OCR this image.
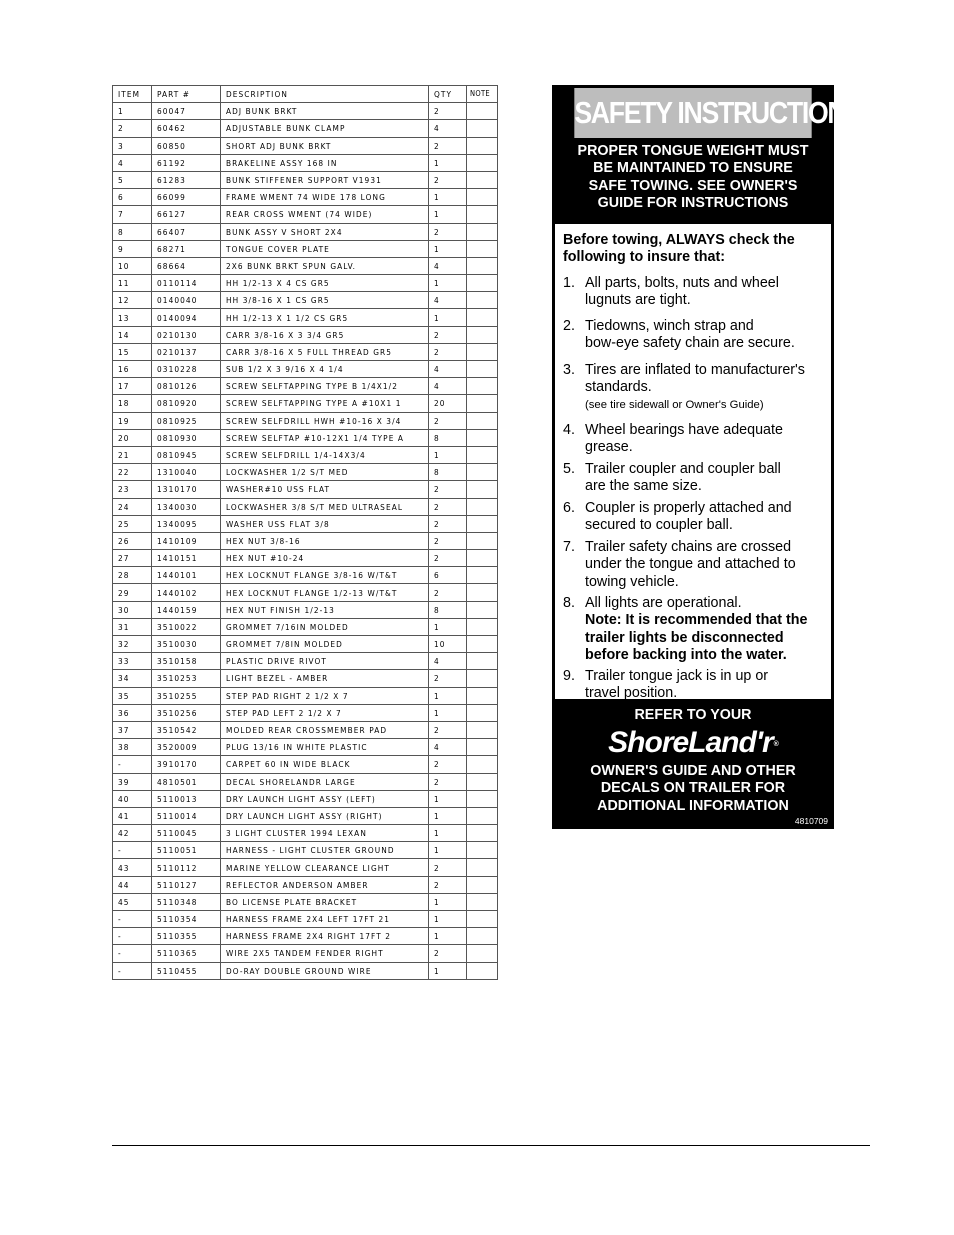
ITEM	PART #	DESCRIPTION	QTY	NOTE
1	60047	ADJ BUNK BRKT	2	
2	60462	ADJUSTABLE BUNK CLAMP	4	
3	60850	SHORT ADJ BUNK BRKT	2	
4	61192	BRAKELINE ASSY 168 IN	1	
5	61283	BUNK STIFFENER SUPPORT V1931	2	
6	66099	FRAME WMENT 74 WIDE 178 LONG	1	
7	66127	REAR CROSS WMENT (74 WIDE)	1	
8	66407	BUNK ASSY V SHORT 2X4	2	
9	68271	TONGUE COVER PLATE	1	
10	68664	2X6 BUNK BRKT SPUN GALV.	4	
11	0110114	HH 1/2-13 X 4 CS GR5	1	
12	0140040	HH 3/8-16 X 1 CS GR5	4	
13	0140094	HH 1/2-13 X 1 1/2 CS GR5	1	
14	0210130	CARR 3/8-16 X 3 3/4 GR5	2	
15	0210137	CARR 3/8-16 X 5 FULL THREAD GR5	2	
16	0310228	SUB 1/2 X 3 9/16 X 4 1/4	4	
17	0810126	SCREW SELFTAPPING TYPE B 1/4X1/2	4	
18	0810920	SCREW SELFTAPPING TYPE A #10X1 1	20	
19	0810925	SCREW SELFDRILL HWH #10-16 X 3/4	2	
20	0810930	SCREW SELFTAP #10-12X1 1/4 TYPE A	8	
21	0810945	SCREW SELFDRILL 1/4-14X3/4	1	
22	1310040	LOCKWASHER 1/2 S/T MED	8	
23	1310170	WASHER#10 USS FLAT	2	
24	1340030	LOCKWASHER 3/8 S/T MED ULTRASEAL	2	
25	1340095	WASHER USS FLAT 3/8	2	
26	1410109	HEX NUT 3/8-16	2	
27	1410151	HEX NUT #10-24	2	
28	1440101	HEX LOCKNUT FLANGE 3/8-16 W/T&T	6	
29	1440102	HEX LOCKNUT FLANGE 1/2-13 W/T&T	2	
30	1440159	HEX NUT FINISH 1/2-13	8	
31	3510022	GROMMET 7/16IN MOLDED	1	
32	3510030	GROMMET 7/8IN MOLDED	10	
33	3510158	PLASTIC DRIVE RIVOT	4	
34	3510253	LIGHT BEZEL - AMBER	2	
35	3510255	STEP PAD RIGHT 2 1/2 X 7	1	
36	3510256	STEP PAD LEFT 2 1/2 X 7	1	
37	3510542	MOLDED REAR CROSSMEMBER PAD	2	
38	3520009	PLUG 13/16 IN WHITE PLASTIC	4	
-	3910170	CARPET 60 IN WIDE BLACK	2	
39	4810501	DECAL SHORELANDR LARGE	2	
40	5110013	DRY LAUNCH LIGHT ASSY (LEFT)	1	
41	5110014	DRY LAUNCH LIGHT ASSY (RIGHT)	1	
42	5110045	3 LIGHT CLUSTER 1994 LEXAN	1	
-	5110051	HARNESS - LIGHT CLUSTER GROUND	1	
43	5110112	MARINE YELLOW CLEARANCE LIGHT	2	
44	5110127	REFLECTOR ANDERSON AMBER	2	
45	5110348	BO LICENSE PLATE BRACKET	1	
-	5110354	HARNESS FRAME 2X4 LEFT 17FT 21	1	
-	5110355	HARNESS FRAME 2X4 RIGHT 17FT 2	1	
-	5110365	WIRE 2X5 TANDEM FENDER RIGHT	2	
-	5110455	DO-RAY DOUBLE GROUND WIRE	1	
SAFETY INSTRUCTIONS
PROPER TONGUE WEIGHT MUST
BE MAINTAINED TO ENSURE
SAFE TOWING. SEE OWNER'S
GUIDE FOR INSTRUCTIONS
Before towing, ALWAYS check the
following to insure that:
1. All parts, bolts, nuts and wheel
lugnuts are tight.
2. Tiedowns, winch strap and
bow-eye safety chain are secure.
3. Tires are inflated to manufacturer's
standards.
(see tire sidewall or Owner's Guide)
4. Wheel bearings have adequate
grease.
5. Trailer coupler and coupler ball
are the same size.
6. Coupler is properly attached and
secured to coupler ball.
7. Trailer safety chains are crossed
under the tongue and attached to
towing vehicle.
8. All lights are operational.
Note: It is recommended that the
trailer lights be disconnected
before backing into the water.
9. Trailer tongue jack is in up or
travel position.
REFER TO YOUR
ShoreLand'r®
OWNER'S GUIDE AND OTHER
DECALS ON TRAILER FOR
ADDITIONAL INFORMATION
4810709
